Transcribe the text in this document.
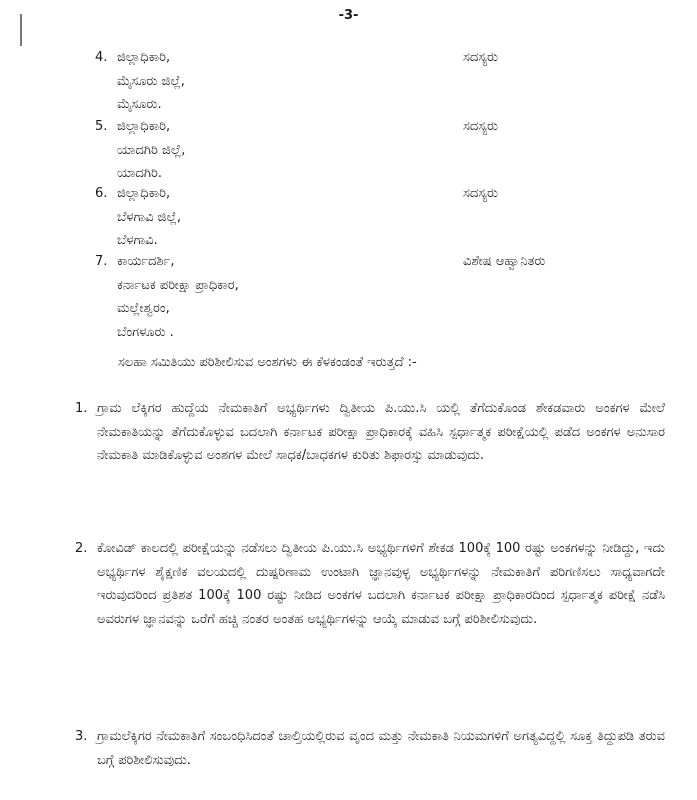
-3-
4. ಜಿಲ್ಲಾಧಿಕಾರಿ,
ಮೈಸೂರು ಜಿಲ್ಲೆ,
ಮೈಸೂರು.
ಸದಸ್ಯರು
5. ಜಿಲ್ಲಾಧಿಕಾರಿ,
ಯಾದಗಿರಿ ಜಿಲ್ಲೆ,
ಯಾದಗಿರಿ.
ಸದಸ್ಯರು
6. ಜಿಲ್ಲಾಧಿಕಾರಿ,
ಬೆಳಗಾವಿ ಜಿಲ್ಲೆ,
ಬೆಳಗಾವಿ.
ಸದಸ್ಯರು
7. ಕಾರ್ಯದರ್ಶಿ,
ಕರ್ನಾಟಕ ಪರೀಕ್ಷಾ ಪ್ರಾಧಿಕಾರ,
ಮಲ್ಲೇಶ್ವರಂ,
ಬೆಂಗಳೂರು .
ವಿಶೇಷ ಆಹ್ವಾನಿತರು
ಸಲಹಾ ಸಮಿತಿಯು ಪರಿಶೀಲಿಸುವ ಅಂಶಗಳು ಈ ಕೆಳಕಂಡಂತೆ ಇರುತ್ತದೆ :-
1. ಗ್ರಾಮ ಲೆಕ್ಕಿಗರ ಹುದ್ದೆಯ ನೇಮಕಾತಿಗೆ ಅಭ್ಯರ್ಥಿಗಳು ದ್ವಿತೀಯ ಪಿ.ಯು.ಸಿ ಯಲ್ಲಿ ತೆಗೆದುಕೊಂಡ ಶೇಕಡವಾರು ಅಂಕಗಳ ಮೇಲೆ ನೇಮಕಾತಿಯನ್ನು ತೆಗೆದುಕೊಳ್ಳುವ ಬದಲಾಗಿ ಕರ್ನಾಟಕ ಪರೀಕ್ಷಾ ಪ್ರಾಧಿಕಾರಕ್ಕೆ ವಹಿಸಿ ಸ್ಪರ್ಧಾತ್ಮಕ ಪರೀಕ್ಷೆಯಲ್ಲಿ ಪಡೆದ ಅಂಕಗಳ ಅನುಸಾರ ನೇಮಕಾತಿ ಮಾಡಿಕೊಳ್ಳುವ ಅಂಶಗಳ ಮೇಲೆ ಸಾಧಕ/ಬಾಧಕಗಳ ಕುರಿತು ಶಿಫಾರಸ್ಸು ಮಾಡುವುದು.
2. ಕೋವಿಡ್ ಕಾಲದಲ್ಲಿ ಪರೀಕ್ಷೆಯನ್ನು ನಡೆಸಲು ದ್ವಿತೀಯ ಪಿ.ಯು.ಸಿ ಅಭ್ಯರ್ಥಿಗಳಿಗೆ ಶೇಕಡ 100ಕ್ಕೆ 100 ರಷ್ಟು ಅಂಕಗಳನ್ನು ನೀಡಿದ್ದು, ಇದು ಅಭ್ಯರ್ಥಿಗಳ ಶೈಕ್ಷಣಿಕ ವಲಯದಲ್ಲಿ ದುಷ್ಪರಿಣಾಮ ಉಂಟಾಗಿ ಜ್ಞಾನವುಳ್ಳ ಅಭ್ಯರ್ಥಿಗಳನ್ನು ನೇಮಕಾತಿಗೆ ಪರಿಗಣಿಸಲು ಸಾಧ್ಯವಾಗದೇ ಇರುವುದರಿಂದ ಪ್ರತಿಶತ 100ಕ್ಕೆ 100 ರಷ್ಟು ನೀಡಿದ ಅಂಕಗಳ ಬದಲಾಗಿ ಕರ್ನಾಟಕ ಪರೀಕ್ಷಾ ಪ್ರಾಧಿಕಾರದಿಂದ ಸ್ಪರ್ಧಾತ್ಮಕ ಪರೀಕ್ಷೆ ನಡೆಸಿ ಅವರುಗಳ ಜ್ಞಾನವನ್ನು ಒರೆಗೆ ಹಚ್ಚಿ ನಂತರ ಅಂತಹ ಅಭ್ಯರ್ಥಿಗಳನ್ನು ಆಯ್ಕೆ ಮಾಡುವ ಬಗ್ಗೆ ಪರಿಶೀಲಿಸುವುದು.
3. ಗ್ರಾಮಲೆಕ್ಕಿಗರ ನೇಮಕಾತಿಗೆ ಸಂಬಂಧಿಸಿದಂತೆ ಚಾಲ್ತಿಯಲ್ಲಿರುವ ವೃಂದ ಮತ್ತು ನೇಮಕಾತಿ ನಿಯಮಗಳಿಗೆ ಅಗತ್ಯವಿದ್ದಲ್ಲಿ ಸೂಕ್ತ ತಿದ್ದುಪಡಿ ತರುವ ಬಗ್ಗೆ ಪರಿಶೀಲಿಸುವುದು.
